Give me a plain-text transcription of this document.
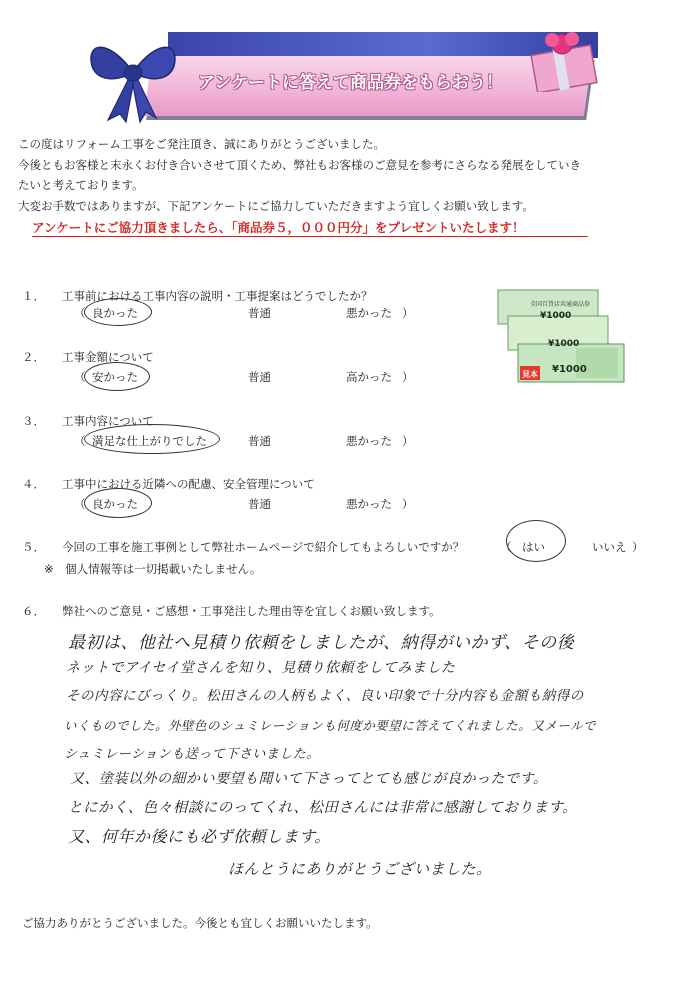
アンケートに答えて商品券をもらおう！

この度はリフォーム工事をご発注頂き、誠にありがとうございました。

今後ともお客様と末永くお付き合いさせて頂くため、弊社もお客様のご意見を参考にさらなる発展をしていき

たいと考えております。

大変お手数ではありますが、下記アンケートにご協力していただきますよう宜しくお願い致します。

アンケートにご協力頂きましたら、「商品券５，０００円分」をプレゼントいたします！
１． 工事前における工事内容の説明・工事提案はどうでしたか？
（ 良かった	普通	悪かった ）
２． 工事金額について
（ 安かった	普通	高かった ）
３． 工事内容について
（ 満足な仕上がりでした	普通	悪かった ）
４． 工事中における近隣への配慮、安全管理について
（ 良かった	普通	悪かった ）
５． 今回の工事を施工事例として弊社ホームページで紹介してもよろしいですか？	（ はい	いいえ ）
※　個人情報等は一切掲載いたしません。
６． 弊社へのご意見・ご感想・工事発注した理由等を宜しくお願い致します。
全国百貨店共通商品券
¥1000
¥1000
¥1000
見本
最初は、他社へ見積り依頼をしましたが、納得がいかず、その後
ネットでアイセイ堂さんを知り、見積り依頼をしてみました
その内容にびっくり。松田さんの人柄もよく、良い印象で十分内容も金額も納得の
いくものでした。外壁色のシュミレーションも何度か要望に答えてくれました。又メールで
シュミレーションも送って下さいました。
又、塗装以外の細かい要望も聞いて下さってとても感じが良かったです。
とにかく、色々相談にのってくれ、松田さんには非常に感謝しております。
又、何年か後にも必ず依頼します。
ほんとうにありがとうございました。
ご協力ありがとうございました。今後とも宜しくお願いいたします。
